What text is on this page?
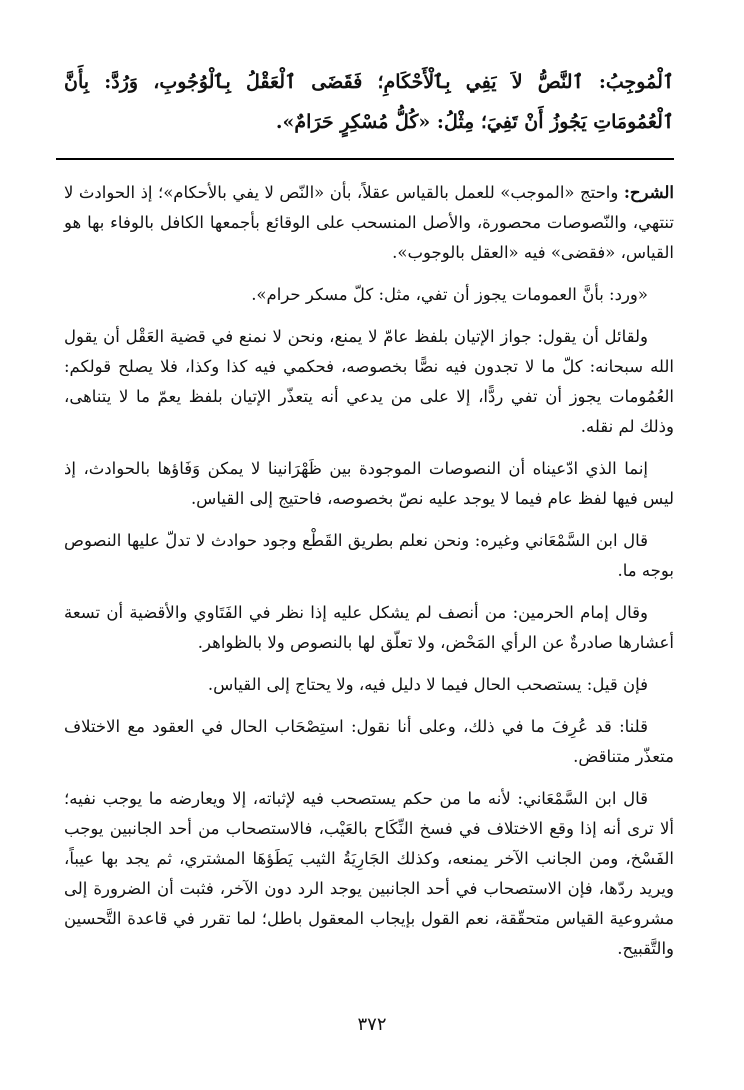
ٱلْمُوجِبُ: ٱلنَّصُّ لاَ يَفِي بِٱلْأَحْكَامِ؛ فَقَضَى ٱلْعَقْلُ بِٱلْوُجُوبِ، وَرُدَّ: بِأَنَّ ٱلْعُمُومَاتِ يَجُوزُ أَنْ تَفِيَ؛ مِثْلُ: «كُلُّ مُسْكِرٍ حَرَامٌ».

الشرح: واحتج «الموجب» للعمل بالقياس عقلاً، بأن «النّص لا يفي بالأحكام»؛ إذ الحوادث لا تنتهي، والنّصوصات محصورة، والأصل المنسحب على الوقائع بأجمعها الكافل بالوفاء بها هو القياس، «فقضى» فيه «العقل بالوجوب».

«ورد: بأنَّ العمومات يجوز أن تفي، مثل: كلّ مسكر حرام».

ولقائل أن يقول: جواز الإتيان بلفظ عامّ لا يمنع، ونحن لا نمنع في قضية العَقْل أن يقول الله سبحانه: كلّ ما لا تجدون فيه نصًّا بخصوصه، فحكمي فيه كذا وكذا، فلا يصلح قولكم: العُمُومات يجوز أن تفي ردًّا، إلا على من يدعي أنه يتعذّر الإتيان بلفظ يعمّ ما لا يتناهى، وذلك لم نقله.

إنما الذي ادّعيناه أن النصوصات الموجودة بين ظَهْرَانينا لا يمكن وَفَاؤها بالحوادث، إذ ليس فيها لفظ عام فيما لا يوجد عليه نصّ بخصوصه، فاحتيج إلى القياس.

قال ابن السَّمْعَاني وغيره: ونحن نعلم بطريق القَطْع وجود حوادث لا تدلّ عليها النصوص بوجه ما.

وقال إمام الحرمين: من أنصف لم يشكل عليه إذا نظر في الفَتَاوي والأقضية أن تسعة أعشارها صادرةٌ عن الرأي المَحْض، ولا تعلّق لها بالنصوص ولا بالظواهر.

فإن قيل: يستصحب الحال فيما لا دليل فيه، ولا يحتاج إلى القياس.

قلنا: قد عُرِفَ ما في ذلك، وعلى أنا نقول: استِصْحَاب الحال في العقود مع الاختلاف متعذّر متناقض.

قال ابن السَّمْعَاني: لأنه ما من حكم يستصحب فيه لإثباته، إلا ويعارضه ما يوجب نفيه؛ ألا ترى أنه إذا وقع الاختلاف في فسخ النِّكَاح بالعَيْب، فالاستصحاب من أحد الجانبين يوجب الفَسْخ، ومن الجانب الآخر يمنعه، وكذلك الجَارِيَةُ الثيب يَطَؤهَا المشتري، ثم يجد بها عيباً، ويريد ردّها، فإن الاستصحاب في أحد الجانبين يوجد الرد دون الآخر، فثبت أن الضرورة إلى مشروعية القياس متحقّقة، نعم القول بإيجاب المعقول باطل؛ لما تقرر في قاعدة التَّحسين والتَّقبيح.

٣٧٢
